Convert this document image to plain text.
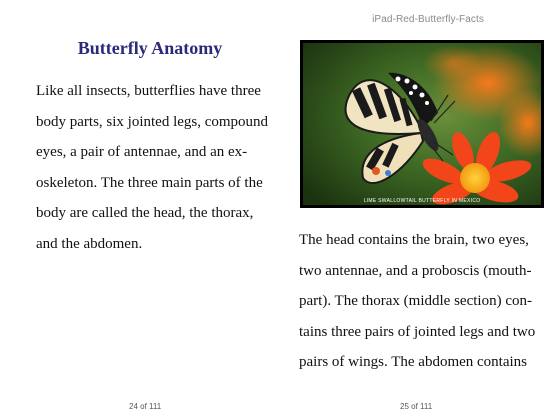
iPad-Red-Butterfly-Facts
Butterfly Anatomy
Like all insects, butterflies have three
body parts, six jointed legs, compound
eyes, a pair of antennae, and an ex-
oskeleton. The three main parts of the
body are called the head, the thorax,
and the abdomen.
24 of 111
LIME SWALLOWTAIL BUTTERFLY IN MEXICO
The head contains the brain, two eyes,
two antennae, and a proboscis (mouth-
part). The thorax (middle section) con-
tains three pairs of jointed legs and two
pairs of wings. The abdomen contains
25 of 111
